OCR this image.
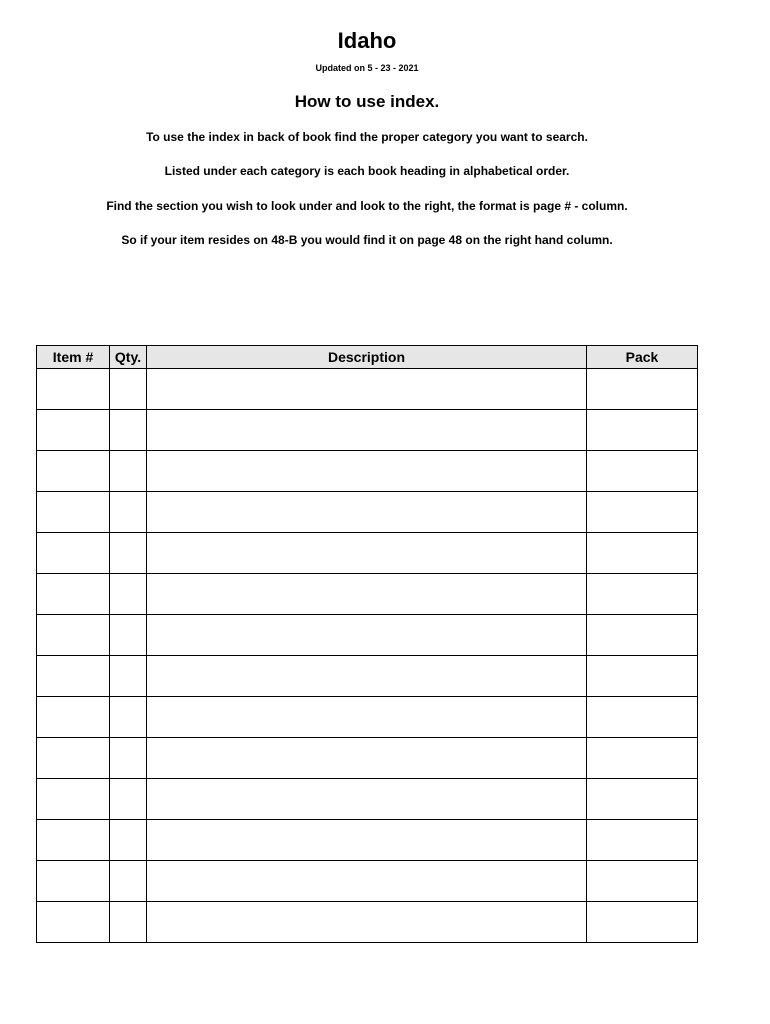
Idaho
Updated on 5 - 23 - 2021
How to use index.
To use the index in back of book find the proper category you want to search.
Listed under each category is each book heading in alphabetical order.
Find the section you wish to look under and look to the right, the format is page # - column.
So if your item resides on 48-B you would find it on page 48 on the right hand column.
Item #	Qty.	Description	Pack
